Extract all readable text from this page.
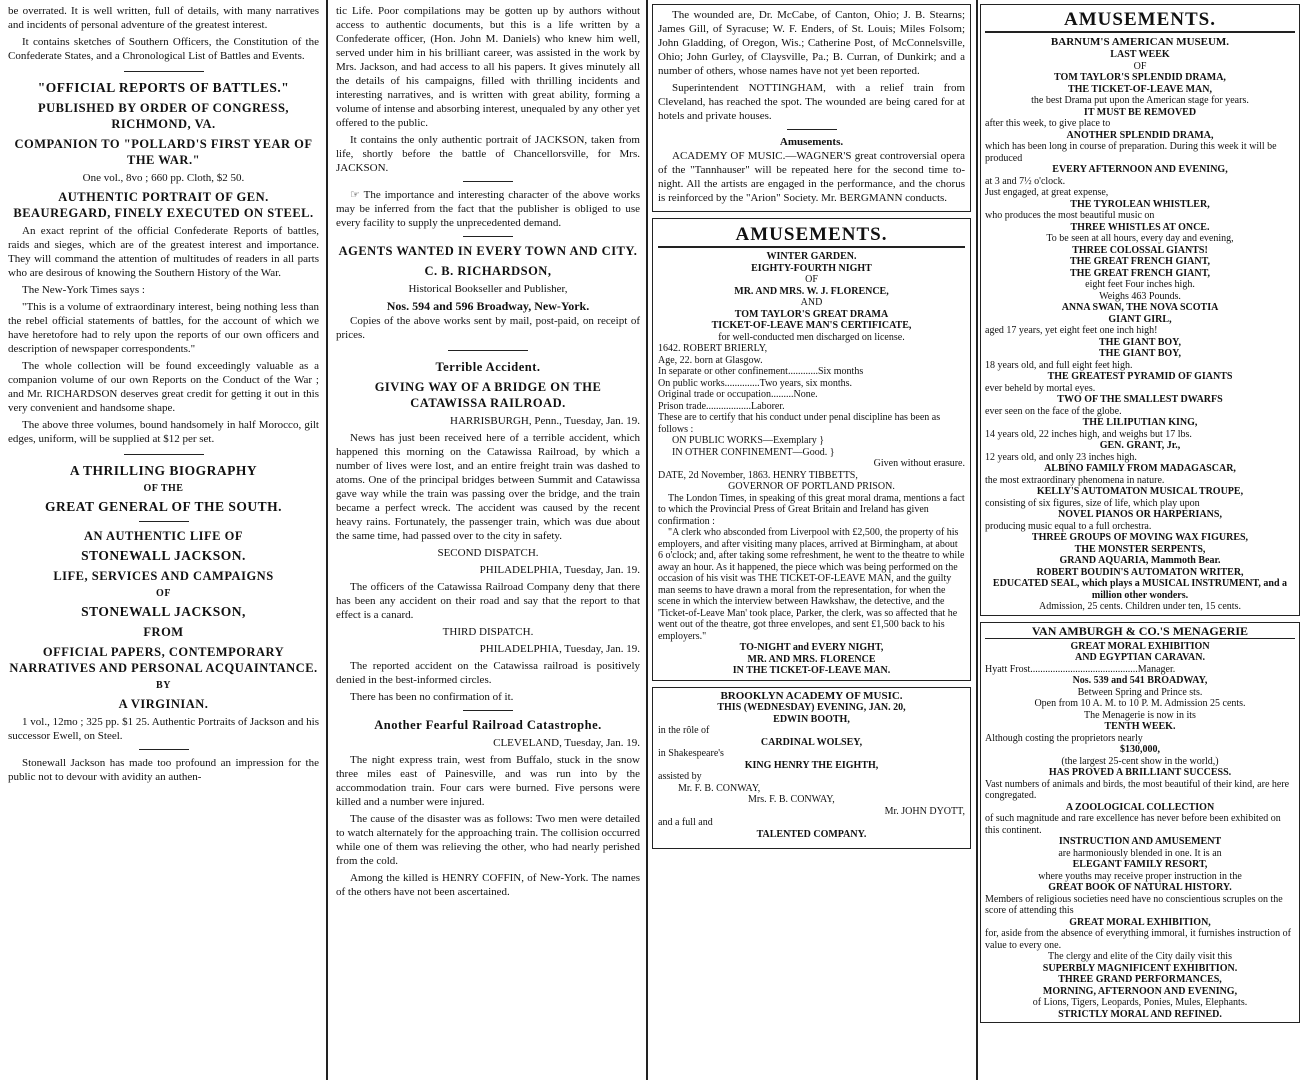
be overrated. It is well written, full of details, with many narratives and incidents of personal adventure of the greatest interest.

It contains sketches of Southern Officers, the Constitution of the Confederate States, and a Chronological List of Battles and Events.

"OFFICIAL REPORTS OF BATTLES."
PUBLISHED BY ORDER OF CONGRESS, RICHMOND, VA.
COMPANION TO "POLLARD'S FIRST YEAR OF THE WAR."

One vol., 8vo ; 660 pp. Cloth, $2 50.

AUTHENTIC PORTRAIT OF GEN. BEAUREGARD, FINELY EXECUTED ON STEEL.

An exact reprint of the official Confederate Reports of battles, raids and sieges, which are of the greatest interest and importance. They will command the attention of multitudes of readers in all parts who are desirous of knowing the Southern History of the War.

The New-York Times says :

"This is a volume of extraordinary interest, being nothing less than the rebel official statements of battles, for the account of which we have heretofore had to rely upon the reports of our own officers and description of newspaper correspondents."

The whole collection will be found exceedingly valuable as a companion volume of our own Reports on the Conduct of the War ; and Mr. RICHARDSON deserves great credit for getting it out in this very convenient and handsome shape.

The above three volumes, bound handsomely in half Morocco, gilt edges, uniform, will be supplied at $12 per set.

A THRILLING BIOGRAPHY
OF THE
GREAT GENERAL OF THE SOUTH.
AN AUTHENTIC LIFE OF
STONEWALL JACKSON.
LIFE, SERVICES AND CAMPAIGNS
OF
STONEWALL JACKSON,
FROM
OFFICIAL PAPERS, CONTEMPORARY NARRATIVES AND PERSONAL ACQUAINTANCE.
BY
A VIRGINIAN.

1 vol., 12mo ; 325 pp. $1 25. Authentic Portraits of Jackson and his successor Ewell, on Steel.

Stonewall Jackson has made too profound an impression for the public not to devour with avidity an authen-

tic Life. Poor compilations may be gotten up by authors without access to authentic documents, but this is a life written by a Confederate officer, (Hon. John M. Daniels) who knew him well, served under him in his brilliant career, was assisted in the work by Mrs. Jackson, and had access to all his papers. It gives minutely all the details of his campaigns, filled with thrilling incidents and interesting narratives, and is written with great ability, forming a volume of intense and absorbing interest, unequaled by any other yet offered to the public.

It contains the only authentic portrait of JACKSON, taken from life, shortly before the battle of Chancellorsville, for Mrs. JACKSON.

☞ The importance and interesting character of the above works may be inferred from the fact that the publisher is obliged to use every facility to supply the unprecedented demand.

AGENTS WANTED IN EVERY TOWN AND CITY.
C. B. RICHARDSON,

Historical Bookseller and Publisher,

Nos. 594 and 596 Broadway, New-York.

Copies of the above works sent by mail, post-paid, on receipt of prices.

Terrible Accident.
GIVING WAY OF A BRIDGE ON THE CATAWISSA RAILROAD.

HARRISBURGH, Penn., Tuesday, Jan. 19.

News has just been received here of a terrible accident, which happened this morning on the Catawissa Railroad, by which a number of lives were lost, and an entire freight train was dashed to atoms. One of the principal bridges between Summit and Catawissa gave way while the train was passing over the bridge, and the train became a perfect wreck. The accident was caused by the recent heavy rains. Fortunately, the passenger train, which was due about the same time, had passed over to the city in safety.

SECOND DISPATCH.

PHILADELPHIA, Tuesday, Jan. 19.

The officers of the Catawissa Railroad Company deny that there has been any accident on their road and say that the report to that effect is a canard.

THIRD DISPATCH.

PHILADELPHIA, Tuesday, Jan. 19.

The reported accident on the Catawissa railroad is positively denied in the best-informed circles.

There has been no confirmation of it.

Another Fearful Railroad Catastrophe.

CLEVELAND, Tuesday, Jan. 19.

The night express train, west from Buffalo, stuck in the snow three miles east of Painesville, and was run into by the accommodation train. Four cars were burned. Five persons were killed and a number were injured.

The cause of the disaster was as follows: Two men were detailed to watch alternately for the approaching train. The collision occurred while one of them was relieving the other, who had nearly perished from the cold.

Among the killed is HENRY COFFIN, of New-York. The names of the others have not been ascertained.

The wounded are, Dr. McCabe, of Canton, Ohio; J. B. Stearns; James Gill, of Syracuse; W. F. Enders, of St. Louis; Miles Folsom; John Gladding, of Oregon, Wis.; Catherine Post, of McConnelsville, Ohio; John Gurley, of Claysville, Pa.; B. Curran, of Dunkirk; and a number of others, whose names have not yet been reported.

Superintendent NOTTINGHAM, with a relief train from Cleveland, has reached the spot. The wounded are being cared for at hotels and private houses.

Amusements.

ACADEMY OF MUSIC.—WAGNER'S great controversial opera of the "Tannhauser" will be repeated here for the second time to-night. All the artists are engaged in the performance, and the chorus is reinforced by the "Arion" Society. Mr. BERGMANN conducts.

AMUSEMENTS.
WINTER GARDEN.
EIGHTY-FOURTH NIGHT
OF
MR. AND MRS. W. J. FLORENCE,
AND
TOM TAYLOR'S GREAT DRAMA
TICKET-OF-LEAVE MAN'S CERTIFICATE,
for well-conducted men discharged on license.
1642. ROBERT BRIERLY,
Age, 22. born at Glasgow.
In separate or other confinement............Six months
On public works..............Two years, six months.
Original trade or occupation.........None.
Prison trade..................Laborer.
These are to certify that his conduct under penal discipline has been as follows :
ON PUBLIC WORKS—Exemplary }
IN OTHER CONFINEMENT—Good. }
Given without erasure.
DATE, 2d November, 1863. HENRY TIBBETTS,
GOVERNOR OF PORTLAND PRISON.
The London Times, in speaking of this great moral drama, mentions a fact to which the Provincial Press of Great Britain and Ireland has given confirmation :
"A clerk who absconded from Liverpool with £2,500, the property of his employers, and after visiting many places, arrived at Birmingham, at about 6 o'clock; and, after taking some refreshment, he went to the theatre to while away an hour. As it happened, the piece which was being performed on the occasion of his visit was THE TICKET-OF-LEAVE MAN, and the guilty man seems to have drawn a moral from the representation, for when the scene in which the interview between Hawkshaw, the detective, and the 'Ticket-of-Leave Man' took place, Parker, the clerk, was so affected that he went out of the theatre, got three envelopes, and sent £1,500 back to his employers."
TO-NIGHT and EVERY NIGHT,
MR. AND MRS. FLORENCE
IN THE TICKET-OF-LEAVE MAN.
BROOKLYN ACADEMY OF MUSIC.
THIS (WEDNESDAY) EVENING, JAN. 20,
EDWIN BOOTH,
in the rôle of
CARDINAL WOLSEY,
in Shakespeare's
KING HENRY THE EIGHTH,
assisted by
Mr. F. B. CONWAY,
Mrs. F. B. CONWAY,
Mr. JOHN DYOTT,
and a full and
TALENTED COMPANY.
AMUSEMENTS.
BARNUM'S AMERICAN MUSEUM.
LAST WEEK
OF
TOM TAYLOR'S SPLENDID DRAMA,
THE TICKET-OF-LEAVE MAN,
the best Drama put upon the American stage for years.
IT MUST BE REMOVED
after this week, to give place to
ANOTHER SPLENDID DRAMA,
which has been long in course of preparation. During this week it will be produced
EVERY AFTERNOON AND EVENING,
at 3 and 7½ o'clock.
Just engaged, at great expense,
THE TYROLEAN WHISTLER,
who produces the most beautiful music on
THREE WHISTLES AT ONCE.
To be seen at all hours, every day and evening,
THREE COLOSSAL GIANTS!
THE GREAT FRENCH GIANT,
THE GREAT FRENCH GIANT,
eight feet Four inches high.
Weighs 463 Pounds.
ANNA SWAN, THE NOVA SCOTIA
GIANT GIRL,
aged 17 years, yet eight feet one inch high!
THE GIANT BOY,
THE GIANT BOY,
18 years old, and full eight feet high.
THE GREATEST PYRAMID OF GIANTS
ever beheld by mortal eyes.
TWO OF THE SMALLEST DWARFS
ever seen on the face of the globe.
THE LILIPUTIAN KING,
14 years old, 22 inches high, and weighs but 17 lbs.
GEN. GRANT, Jr.,
12 years old, and only 23 inches high.
ALBINO FAMILY FROM MADAGASCAR,
the most extraordinary phenomena in nature.
KELLY'S AUTOMATON MUSICAL TROUPE,
consisting of six figures, size of life, which play upon
NOVEL PIANOS OR HARPERIANS,
producing music equal to a full orchestra.
THREE GROUPS OF MOVING WAX FIGURES,
THE MONSTER SERPENTS,
GRAND AQUARIA, Mammoth Bear.
ROBERT BOUDIN'S AUTOMATON WRITER,
EDUCATED SEAL, which plays a MUSICAL INSTRUMENT, and a million other wonders.
Admission, 25 cents. Children under ten, 15 cents.
VAN AMBURGH & CO.'S MENAGERIE
GREAT MORAL EXHIBITION
AND EGYPTIAN CARAVAN.
Hyatt Frost...........................................Manager.
Nos. 539 and 541 BROADWAY,
Between Spring and Prince sts.
Open from 10 A. M. to 10 P. M. Admission 25 cents.
The Menagerie is now in its
TENTH WEEK.
Although costing the proprietors nearly
$130,000,
(the largest 25-cent show in the world,)
HAS PROVED A BRILLIANT SUCCESS.
Vast numbers of animals and birds, the most beautiful of their kind, are here congregated.
A ZOOLOGICAL COLLECTION
of such magnitude and rare excellence has never before been exhibited on this continent.
INSTRUCTION AND AMUSEMENT
are harmoniously blended in one. It is an
ELEGANT FAMILY RESORT,
where youths may receive proper instruction in the
GREAT BOOK OF NATURAL HISTORY.
Members of religious societies need have no conscientious scruples on the score of attending this
GREAT MORAL EXHIBITION,
for, aside from the absence of everything immoral, it furnishes instruction of value to every one.
The clergy and elite of the City daily visit this
SUPERBLY MAGNIFICENT EXHIBITION.
THREE GRAND PERFORMANCES,
MORNING, AFTERNOON AND EVENING,
of Lions, Tigers, Leopards, Ponies, Mules, Elephants.
STRICTLY MORAL AND REFINED.
